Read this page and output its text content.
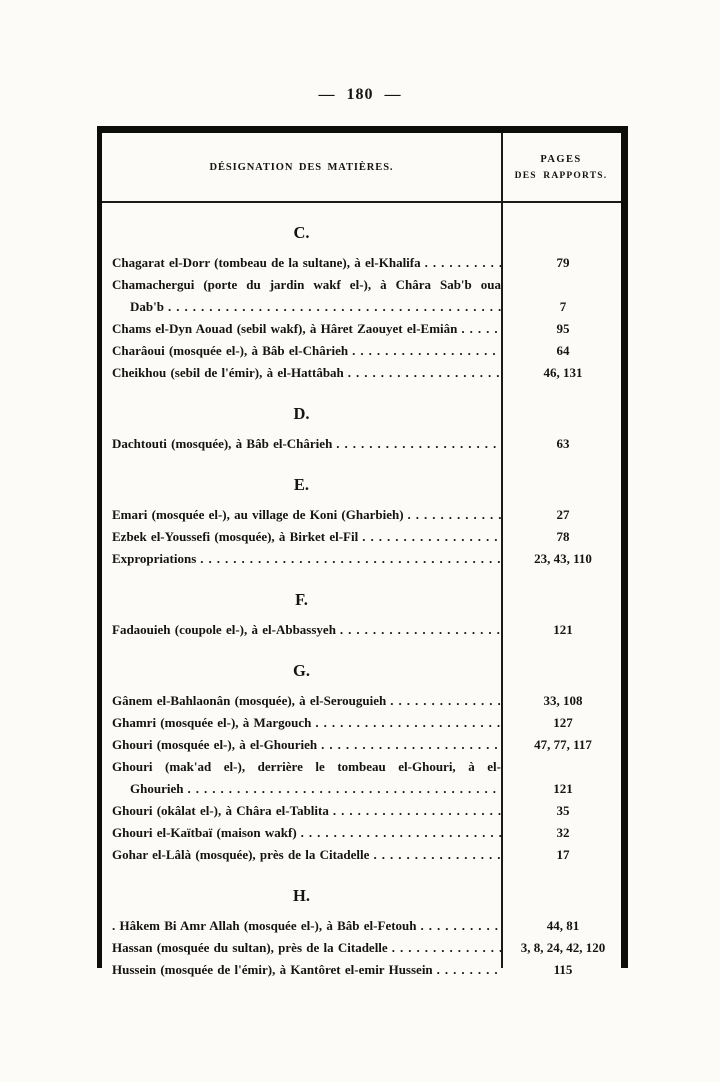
— 180 —
'
DÉSIGNATION DES MATIÈRES.
PAGES
DES RAPPORTS.
C.
Chagarat el-Dorr (tombeau de la sultane), à el-Khalifa .....	79
Chamachergui (porte du jardin wakf el-), à Châra Sab'b oua
Dab'b .....	7
Chams el-Dyn Aouad (sebil wakf), à Hâret Zaouyet el-Emiân .....	95
Charâoui (mosquée el-), à Bâb el-Chârieh .....	64
Cheikhou (sebil de l'émir), à el-Hattâbah .....	46, 131
D.
Dachtouti (mosquée), à Bâb el-Chârieh .....	63
E.
Emari (mosquée el-), au village de Koni (Gharbieh) .....	27
Ezbek el-Youssefi (mosquée), à Birket el-Fil .....	78
Expropriations .....	23, 43, 110
F.
Fadaouieh (coupole el-), à el-Abbassyeh .....	121
G.
Gânem el-Bahlaonân (mosquée), à el-Serouguieh .....	33, 108
Ghamri (mosquée el-), à Margouch .....	127
Ghouri (mosquée el-), à el-Ghourieh .....	47, 77, 117
Ghouri (mak'ad el-), derrière le tombeau el-Ghouri, à el-
Ghourieh .....	121
Ghouri (okâlat el-), à Châra el-Tablita .....	35
Ghouri el-Kaïtbaï (maison wakf) .....	32
Gohar el-Lâlà (mosquée), près de la Citadelle .....	17
H.
. Hâkem Bi Amr Allah (mosquée el-), à Bâb el-Fetouh .....	44, 81
Hassan (mosquée du sultan), près de la Citadelle .....	3, 8, 24, 42, 120
Hussein (mosquée de l'émir), à Kantôret el-emir Hussein .....	115
